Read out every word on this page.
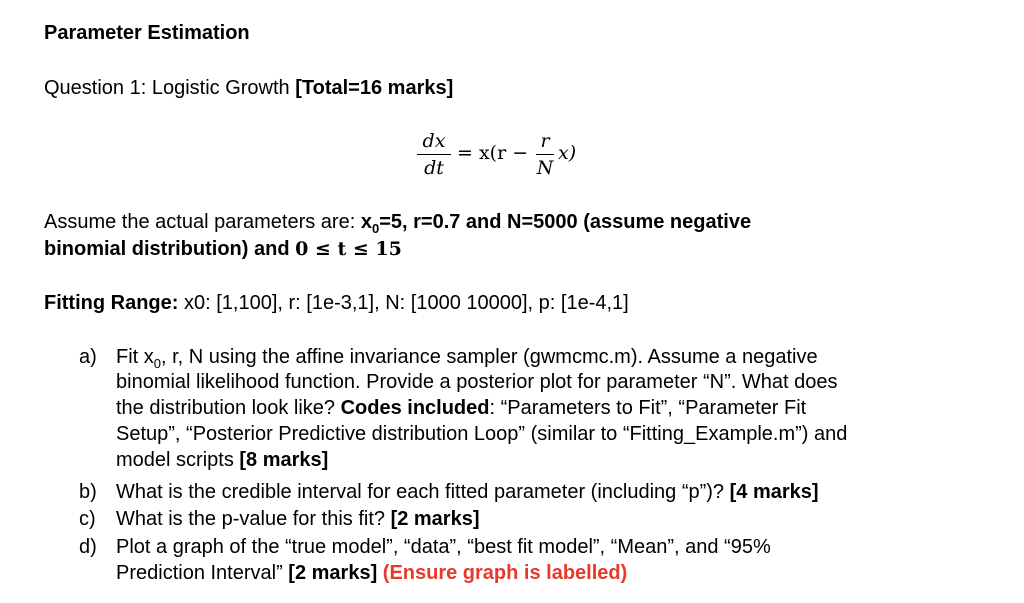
Parameter Estimation
Question 1: Logistic Growth [Total=16 marks]
dx
dt
= x(r −
r
N
x)
Assume the actual parameters are: $x_0=5$, r=0.7 and N=5000 (assume negative
binomial distribution) and 0 ≤ t ≤ 15
Fitting Range: x0: [1,100], r: [1e-3,1], N: [1000 10000], p: [1e-4,1]
a) Fit $x_0$, r, N using the affine invariance sampler (gwmcmc.m). Assume a negative
binomial likelihood function. Provide a posterior plot for parameter “N”. What does
the distribution look like? Codes included: “Parameters to Fit”, “Parameter Fit
Setup”, “Posterior Predictive distribution Loop” (similar to “Fitting_Example.m”) and
model scripts [8 marks]
b) What is the credible interval for each fitted parameter (including “p”)? [4 marks]
c) What is the p-value for this fit? [2 marks]
d) Plot a graph of the “true model”, “data”, “best fit model”, “Mean”, and “95%
Prediction Interval” [2 marks] (Ensure graph is labelled)
